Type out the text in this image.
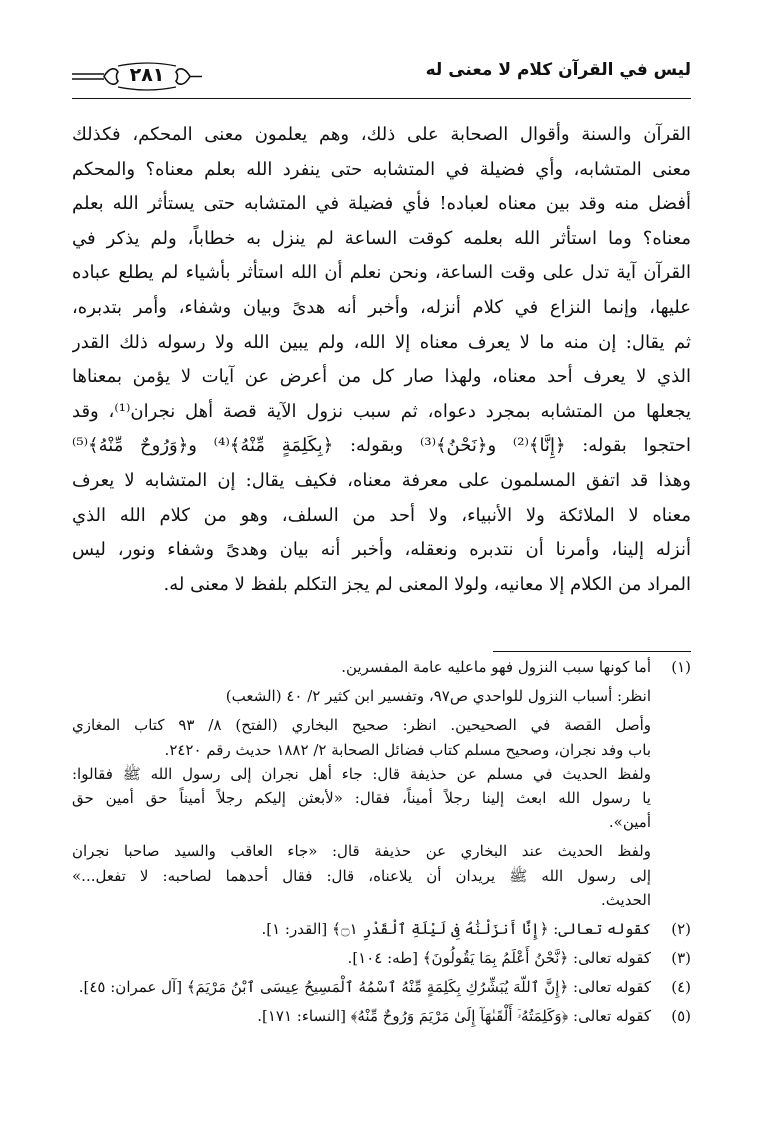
ليس في القرآن كلام لا معنى له
٢٨١
القرآن والسنة وأقوال الصحابة على ذلك، وهم يعلمون معنى المحكم، فكذلك
معنى المتشابه، وأي فضيلة في المتشابه حتى ينفرد الله بعلم معناه؟ والمحكم
أفضل منه وقد بين معناه لعباده! فأي فضيلة في المتشابه حتى يستأثر الله بعلم
معناه؟ وما استأثر الله بعلمه كوقت الساعة لم ينزل به خطاباً، ولم يذكر في
القرآن آية تدل على وقت الساعة، ونحن نعلم أن الله استأثر بأشياء لم يطلع عباده
عليها، وإنما النزاع في كلام أنزله، وأخبر أنه هدىً وبيان وشفاء، وأمر بتدبره،
ثم يقال: إن منه ما لا يعرف معناه إلا الله، ولم يبين الله ولا رسوله ذلك القدر
الذي لا يعرف أحد معناه، ولهذا صار كل من أعرض عن آيات لا يؤمن بمعناها
يجعلها من المتشابه بمجرد دعواه، ثم سبب نزول الآية قصة أهل نجران⁽¹⁾، وقد
احتجوا بقوله: ﴿إِنَّا﴾⁽²⁾ و﴿نَحْنُ﴾⁽³⁾ وبقوله: ﴿بِكَلِمَةٍ مِّنْهُ﴾⁽⁴⁾ و﴿وَرُوحٌ مِّنْهُ﴾⁽⁵⁾
وهذا قد اتفق المسلمون على معرفة معناه، فكيف يقال: إن المتشابه لا يعرف
معناه لا الملائكة ولا الأنبياء، ولا أحد من السلف، وهو من كلام الله الذي
أنزله إلينا، وأمرنا أن نتدبره ونعقله، وأخبر أنه بيان وهدىً وشفاء ونور، ليس
المراد من الكلام إلا معانيه، ولولا المعنى لم يجز التكلم بلفظ لا معنى له.
(١)
أما كونها سبب النزول فهو ماعليه عامة المفسرين.
انظر: أسباب النزول للواحدي ص٩٧، وتفسير ابن كثير ٢/ ٤٠ (الشعب)
وأصل القصة في الصحيحين. انظر: صحيح البخاري (الفتح) ٨/ ٩٣ كتاب المغازي
باب وفد نجران، وصحيح مسلم كتاب فضائل الصحابة ٢/ ١٨٨٢ حديث رقم ٢٤٢٠.
ولفظ الحديث في مسلم عن حذيفة قال: جاء أهل نجران إلى رسول الله ﷺ فقالوا:
يا رسول الله ابعث إلينا رجلاً أميناً، فقال: «لأبعثن إليكم رجلاً أميناً حق أمين حق
أمين».
ولفظ الحديث عند البخاري عن حذيفة قال: «جاء العاقب والسيد صاحبا نجران
إلى رسول الله ﷺ يريدان أن يلاعناه، قال: فقال أحدهما لصاحبه: لا تفعل...»
الحديث.
(٢)
كقوله تعالى: ﴿إِنَّا أَنزَلْنَٰهُ فِى لَيْلَةِ ٱلْقَدْرِ ۝١﴾ [القدر: ١].
(٣)
كقوله تعالى: ﴿نَّحْنُ أَعْلَمُ بِمَا يَقُولُونَ﴾ [طه: ١٠٤].
(٤)
كقوله تعالى: ﴿إِنَّ ٱللَّهَ يُبَشِّرُكِ بِكَلِمَةٍ مِّنْهُ ٱسْمُهُ ٱلْمَسِيحُ عِيسَى ٱبْنُ مَرْيَمَ﴾ [آل عمران: ٤٥].
(٥)
كقوله تعالى: ﴿وَكَلِمَتُهُۥٓ أَلْقَىٰهَآ إِلَىٰ مَرْيَمَ وَرُوحٌ مِّنْهُ﴾ [النساء: ١٧١].
